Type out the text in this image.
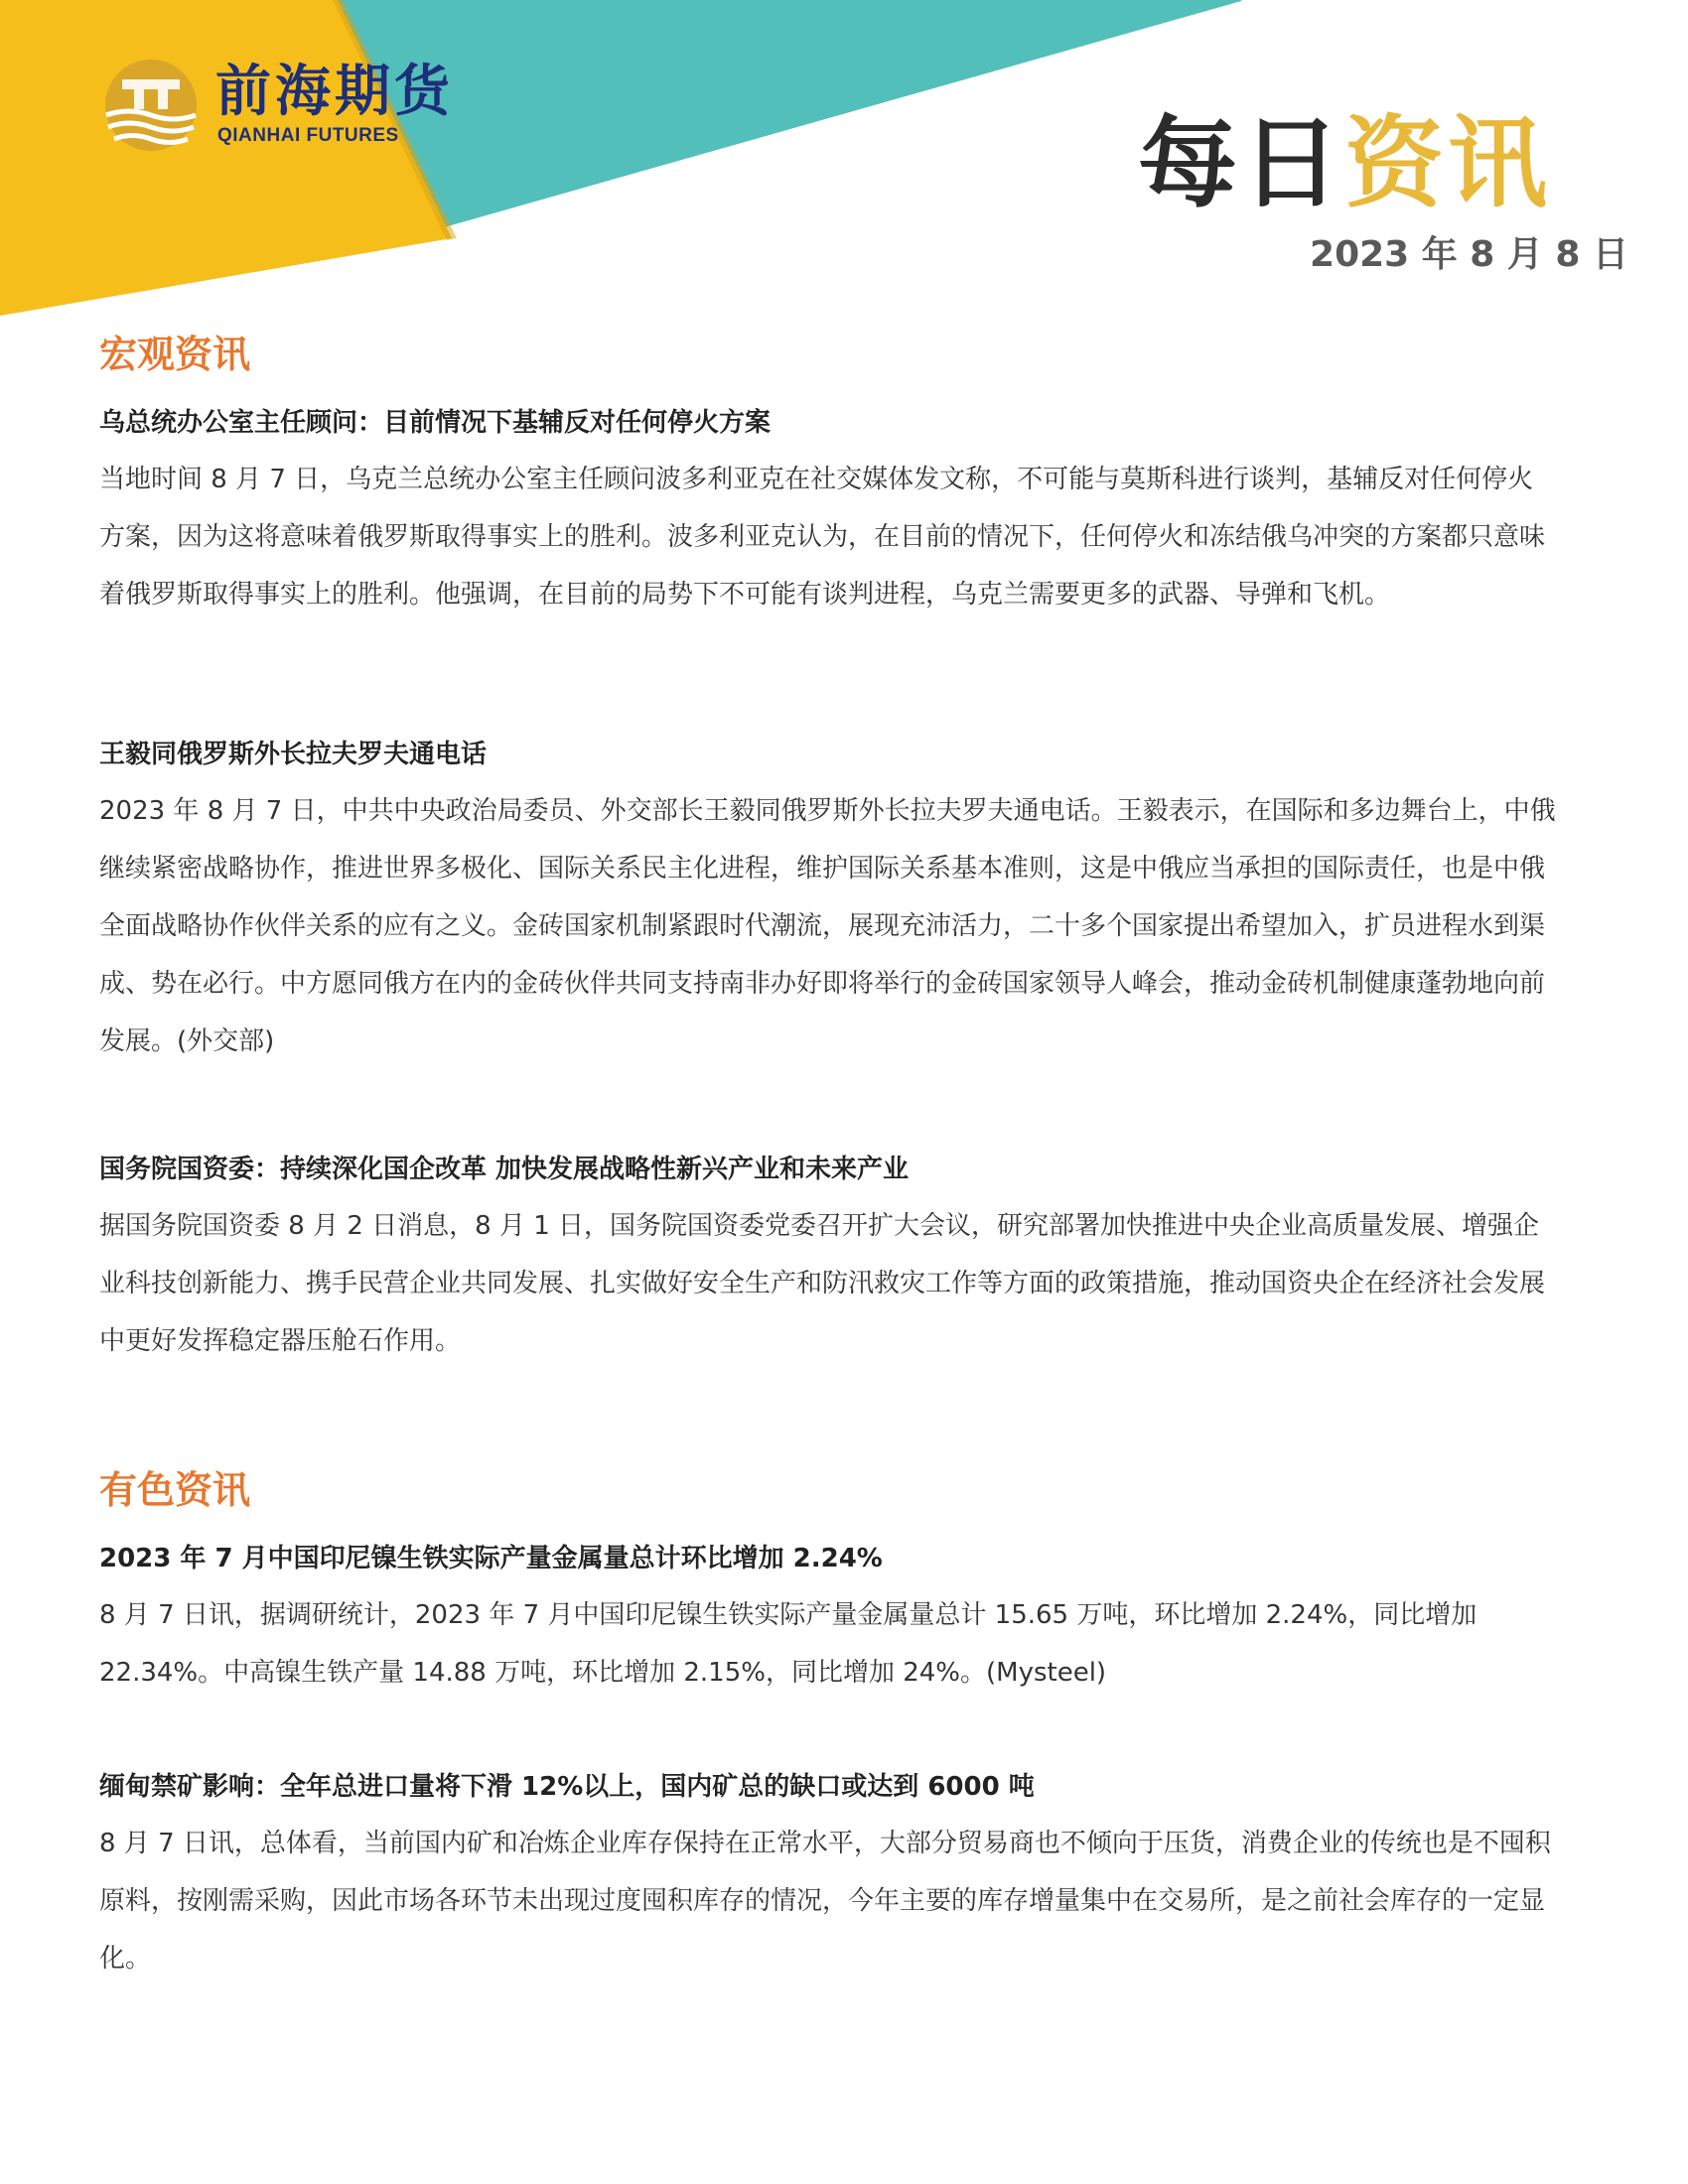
前海期货
QIANHAI FUTURES	每日资讯
2023 年 8 月 8 日
宏观资讯
乌总统办公室主任顾问：目前情况下基辅反对任何停火方案

当地时间 8 月 7 日，乌克兰总统办公室主任顾问波多利亚克在社交媒体发文称，不可能与莫斯科进行谈判，基辅反对任何停火方案，因为这将意味着俄罗斯取得事实上的胜利。波多利亚克认为，在目前的情况下，任何停火和冻结俄乌冲突的方案都只意味着俄罗斯取得事实上的胜利。他强调，在目前的局势下不可能有谈判进程，乌克兰需要更多的武器、导弹和飞机。

王毅同俄罗斯外长拉夫罗夫通电话

2023 年 8 月 7 日，中共中央政治局委员、外交部长王毅同俄罗斯外长拉夫罗夫通电话。王毅表示，在国际和多边舞台上，中俄继续紧密战略协作，推进世界多极化、国际关系民主化进程，维护国际关系基本准则，这是中俄应当承担的国际责任，也是中俄全面战略协作伙伴关系的应有之义。金砖国家机制紧跟时代潮流，展现充沛活力，二十多个国家提出希望加入，扩员进程水到渠成、势在必行。中方愿同俄方在内的金砖伙伴共同支持南非办好即将举行的金砖国家领导人峰会，推动金砖机制健康蓬勃地向前发展。(外交部)

国务院国资委：持续深化国企改革 加快发展战略性新兴产业和未来产业

据国务院国资委 8 月 2 日消息，8 月 1 日，国务院国资委党委召开扩大会议，研究部署加快推进中央企业高质量发展、增强企业科技创新能力、携手民营企业共同发展、扎实做好安全生产和防汛救灾工作等方面的政策措施，推动国资央企在经济社会发展中更好发挥稳定器压舱石作用。

有色资讯
2023 年 7 月中国印尼镍生铁实际产量金属量总计环比增加 2.24%

8 月 7 日讯，据调研统计，2023 年 7 月中国印尼镍生铁实际产量金属量总计 15.65 万吨，环比增加 2.24%，同比增加 22.34%。中高镍生铁产量 14.88 万吨，环比增加 2.15%，同比增加 24%。(Mysteel)

缅甸禁矿影响：全年总进口量将下滑 12%以上，国内矿总的缺口或达到 6000 吨

8 月 7 日讯，总体看，当前国内矿和冶炼企业库存保持在正常水平，大部分贸易商也不倾向于压货，消费企业的传统也是不囤积原料，按刚需采购，因此市场各环节未出现过度囤积库存的情况，今年主要的库存增量集中在交易所，是之前社会库存的一定显化。
